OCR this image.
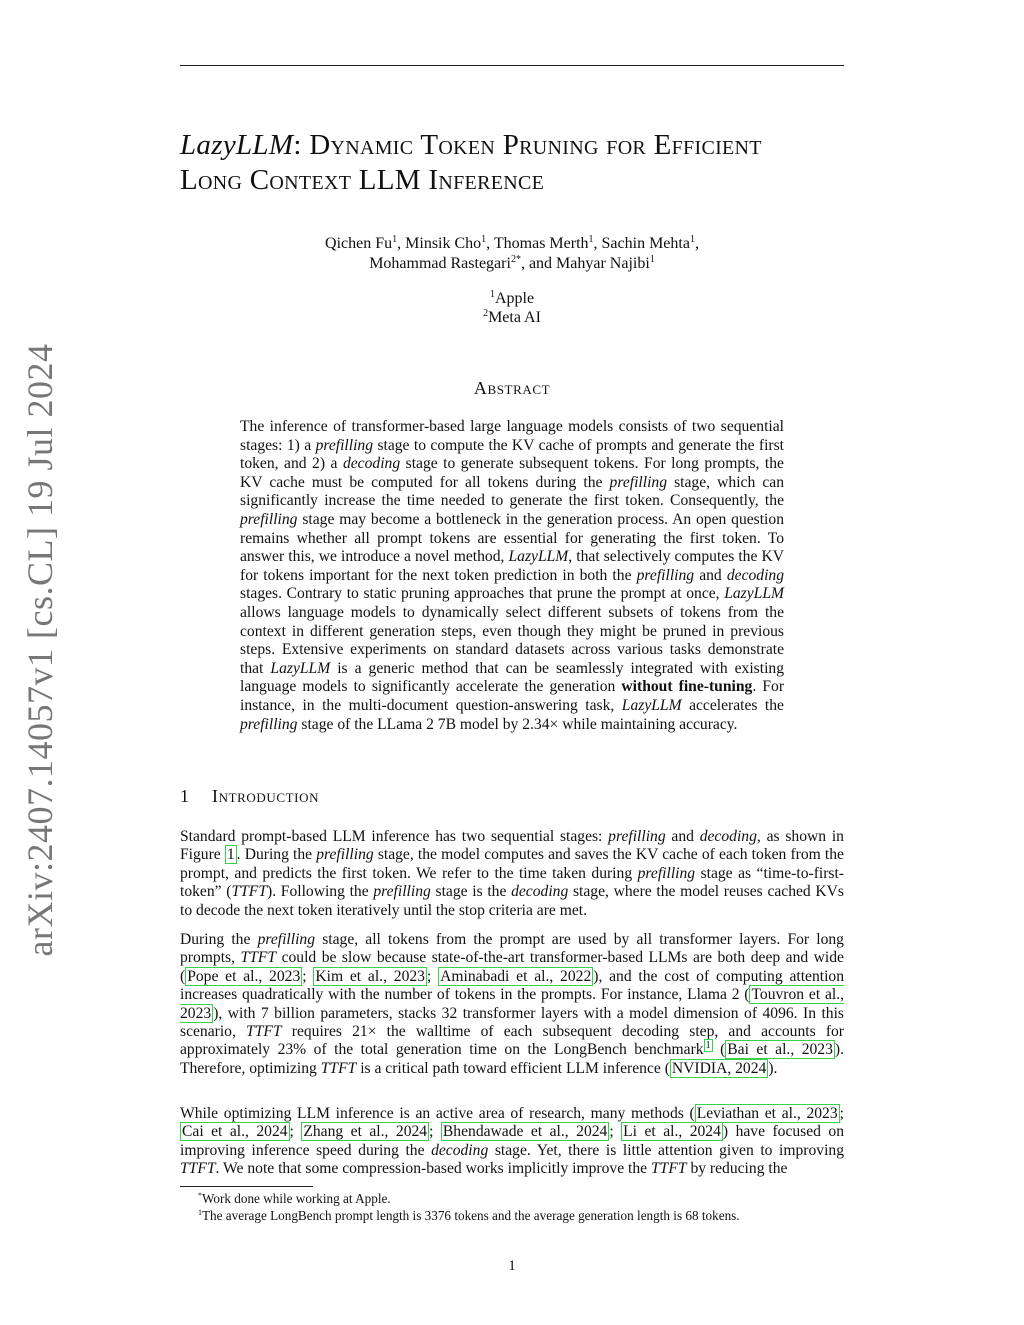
arXiv:2407.14057v1 [cs.CL] 19 Jul 2024
LazyLLM: Dynamic Token Pruning for Efficient
Long Context LLM Inference
Qichen Fu$^1$, Minsik Cho$^1$, Thomas Merth$^1$, Sachin Mehta$^1$,
Mohammad Rastegari$^{2*}$, and Mahyar Najibi$^1$
$^1$Apple
$^2$Meta AI
Abstract
The inference of transformer-based large language models consists of two sequential stages: 1) a prefilling stage to compute the KV cache of prompts and generate the first token, and 2) a decoding stage to generate subsequent tokens. For long prompts, the KV cache must be computed for all tokens during the prefilling stage, which can significantly increase the time needed to generate the first token. Consequently, the prefilling stage may become a bottleneck in the generation process. An open question remains whether all prompt tokens are essential for generating the first token. To answer this, we introduce a novel method, LazyLLM, that selectively computes the KV for tokens important for the next token prediction in both the prefilling and decoding stages. Contrary to static pruning approaches that prune the prompt at once, LazyLLM allows language models to dynamically select different subsets of tokens from the context in different generation steps, even though they might be pruned in previous steps. Extensive experiments on standard datasets across various tasks demonstrate that LazyLLM is a generic method that can be seamlessly integrated with existing language models to significantly accelerate the generation without fine-tuning. For instance, in the multi-document question-answering task, LazyLLM accelerates the prefilling stage of the LLama 2 7B model by 2.34× while maintaining accuracy.
1 Introduction

Standard prompt-based LLM inference has two sequential stages: prefilling and decoding, as shown in Figure 1 . During the prefilling stage, the model computes and saves the KV cache of each token from the prompt, and predicts the first token. We refer to the time taken during prefilling stage as “time-to-first-token” (TTFT). Following the prefilling stage is the decoding stage, where the model reuses cached KVs to decode the next token iteratively until the stop criteria are met.

During the prefilling stage, all tokens from the prompt are used by all transformer layers. For long prompts, TTFT could be slow because state-of-the-art transformer-based LLMs are both deep and wide ( Pope et al., 2023 ; Kim et al., 2023 ; Aminabadi et al., 2022 ), and the cost of computing attention increases quadratically with the number of tokens in the prompts. For instance, Llama 2 ( Touvron et al., 2023 ), with 7 billion parameters, stacks 32 transformer layers with a model dimension of 4096. In this scenario, TTFT requires 21× the walltime of each subsequent decoding step, and accounts for approximately 23% of the total generation time on the LongBench benchmark $^1$ ( Bai et al., 2023 ). Therefore, optimizing TTFT is a critical path toward efficient LLM inference ( NVIDIA, 2024 ).

While optimizing LLM inference is an active area of research, many methods ( Leviathan et al., 2023 ; Cai et al., 2024 ; Zhang et al., 2024 ; Bhendawade et al., 2024 ; Li et al., 2024 ) have focused on improving inference speed during the decoding stage. Yet, there is little attention given to improving TTFT. We note that some compression-based works implicitly improve the TTFT by reducing the

*Work done while working at Apple.
$^1$The average LongBench prompt length is 3376 tokens and the average generation length is 68 tokens.
1
